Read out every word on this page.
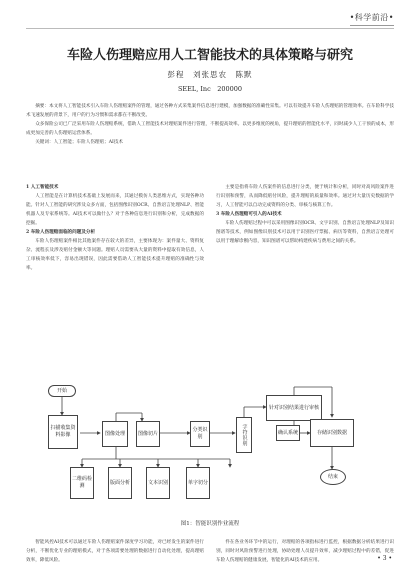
•科学前沿•
车险人伤理赔应用人工智能技术的具体策略与研究
彭程　刘张思农　陈默
SEEL, Inc　200000

摘要：本文将人工智能技术引入车险人伤理赔案件的管理，通过各种方式采集案件信息进行建模，加强数据的准确性采集。可以有效提升车险人伤理赔的管理效率。在车险科学技术飞速发展的背景下，用户的行为习惯和需求都在不断改变。

众多保险公司已广泛采用车险人伤理赔系统，借助人工智能技术对理赔案件进行管理，不断提高效率。以更多维度的视角，提升理赔的智能化水平，同时减少人工干预的成本，形成更加完善的人伤理赔运营体系。

关键词：人工智能；车险人伤理赔；AI技术

1 人工智能技术

人工智能是在计算机技术基础上发展而来，其通过模仿人类思维方式，实现各种功能。针对人工智能的研究涉及众多方面，包括图像识别OCR、自然语言处理NLP、智能机器人及专家系统等。AI技术可以做什么？对于各种信息进行识别和分析，完成数据的挖掘。

2 车险人伤理赔面临的问题及分析

车险人伤理赔案件相比其他案件存在较大的差异，主要体现为：案件量大、资料复杂、流程长及涉及赔付金额大等问题。理赔人员需要从大量的资料中提取有效信息，人工审核效率低下，容易出现错误，因此需要借助人工智能技术提升理赔的准确性与效率。

主要是指将车险人伤案件的信息进行分类，便于统计和分析，同时对高风险案件进行识别和预警，从而降低赔付风险，提升理赔的质量和效率。通过对大量历史数据的学习，人工智能可以自动完成资料的分类、审核与核算工作。

3 车险人伤理赔可引入的AI技术

车险人伤理赔过程中可以采用图像识别OCR、文字识别、自然语言处理NLP及知识图谱等技术，例如图像识别技术可以用于识别医疗票据、病历等资料，自然语言处理可以用于理解诊断内容，知识图谱可以帮助构建疾病与费用之间的关系。

开始
扫描收集资料影像	图像处理	图像切片
分类识别	字符识别
针对识别结果进行审核
存储识别数据
确认系统
结束
二维码检测
版面分析	文本识别	单字切分
图1：智能识别作业流程

智能风控AI技术可以通过车险人伤理赔案件深度学习功能，对已经发生的案件进行分析，不断优化专业的理赔模式，对于各项需要处理的数据进行自动化处理，提高理赔效率，降低风险。

件在各业务环节中的运行，对理赔的各项指标进行监控，根据数据分析结果进行识别，同时对风险预警进行处理，协助处理人员提升效率，减少理赔过程中的差错，促进车险人伤理赔的健康发展，智能化的AI技术的应用。	• 3 •
